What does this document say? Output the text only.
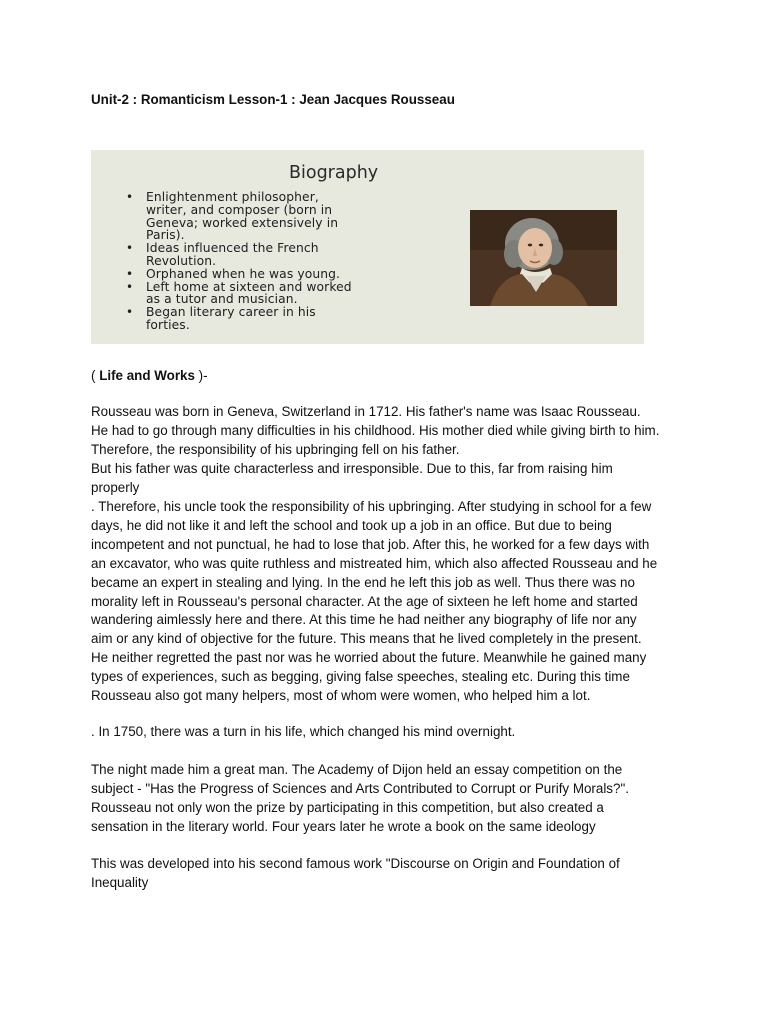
Unit-2 : Romanticism Lesson-1 : Jean Jacques Rousseau
Biography
• Enlightenment philosopher,
writer, and composer (born in
Geneva; worked extensively in
Paris).
• Ideas influenced the French
Revolution.
• Orphaned when he was young.
• Left home at sixteen and worked
as a tutor and musician.
• Began literary career in his
forties.
( Life and Works )-
Rousseau was born in Geneva, Switzerland in 1712. His father's name was Isaac Rousseau.
He had to go through many difficulties in his childhood. His mother died while giving birth to him.
Therefore, the responsibility of his upbringing fell on his father.
But his father was quite characterless and irresponsible. Due to this, far from raising him
properly
. Therefore, his uncle took the responsibility of his upbringing. After studying in school for a few
days, he did not like it and left the school and took up a job in an office. But due to being
incompetent and not punctual, he had to lose that job. After this, he worked for a few days with
an excavator, who was quite ruthless and mistreated him, which also affected Rousseau and he
became an expert in stealing and lying. In the end he left this job as well. Thus there was no
morality left in Rousseau's personal character. At the age of sixteen he left home and started
wandering aimlessly here and there. At this time he had neither any biography of life nor any
aim or any kind of objective for the future. This means that he lived completely in the present.
He neither regretted the past nor was he worried about the future. Meanwhile he gained many
types of experiences, such as begging, giving false speeches, stealing etc. During this time
Rousseau also got many helpers, most of whom were women, who helped him a lot.
. In 1750, there was a turn in his life, which changed his mind overnight.
The night made him a great man. The Academy of Dijon held an essay competition on the
subject - "Has the Progress of Sciences and Arts Contributed to Corrupt or Purify Morals?".
Rousseau not only won the prize by participating in this competition, but also created a
sensation in the literary world. Four years later he wrote a book on the same ideology
This was developed into his second famous work "Discourse on Origin and Foundation of
Inequality
